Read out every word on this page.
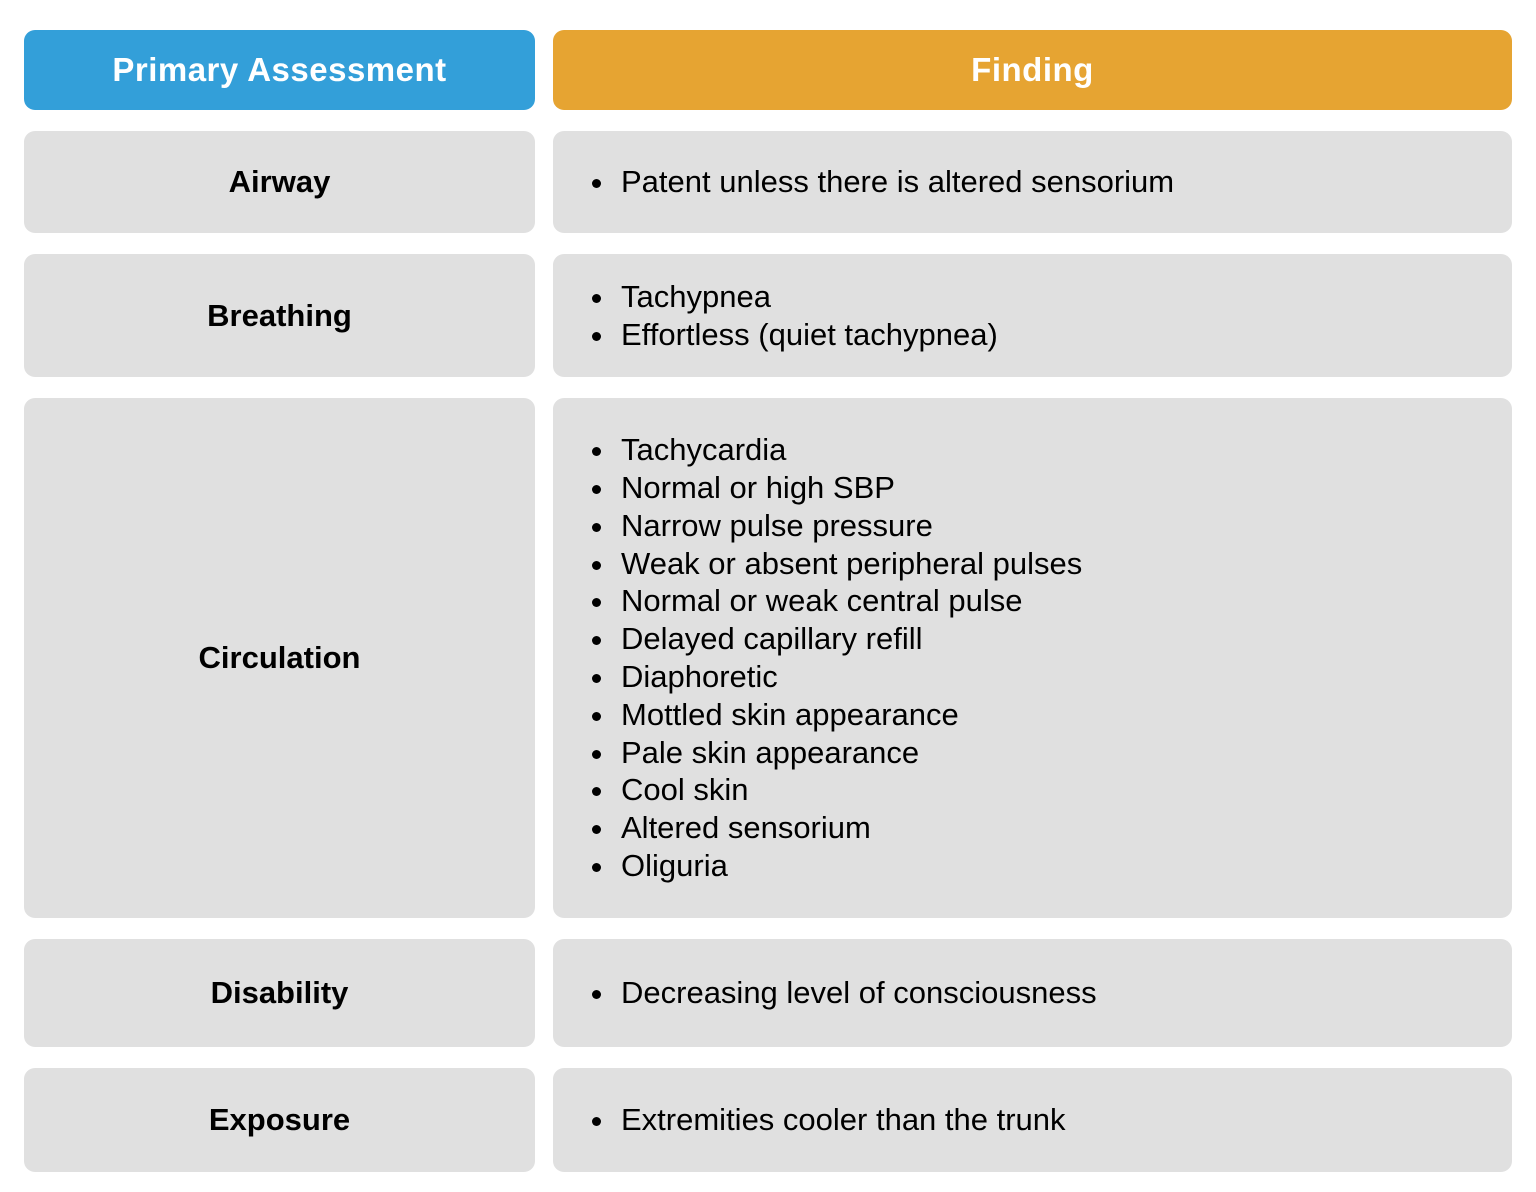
Primary Assessment	Finding
Airway	• Patent unless there is altered sensorium
Breathing
• Tachypnea
• Effortless (quiet tachypnea)
Circulation
• Tachycardia
• Normal or high SBP
• Narrow pulse pressure
• Weak or absent peripheral pulses
• Normal or weak central pulse
• Delayed capillary refill
• Diaphoretic
• Mottled skin appearance
• Pale skin appearance
• Cool skin
• Altered sensorium
• Oliguria
Disability	• Decreasing level of consciousness
Exposure	• Extremities cooler than the trunk
